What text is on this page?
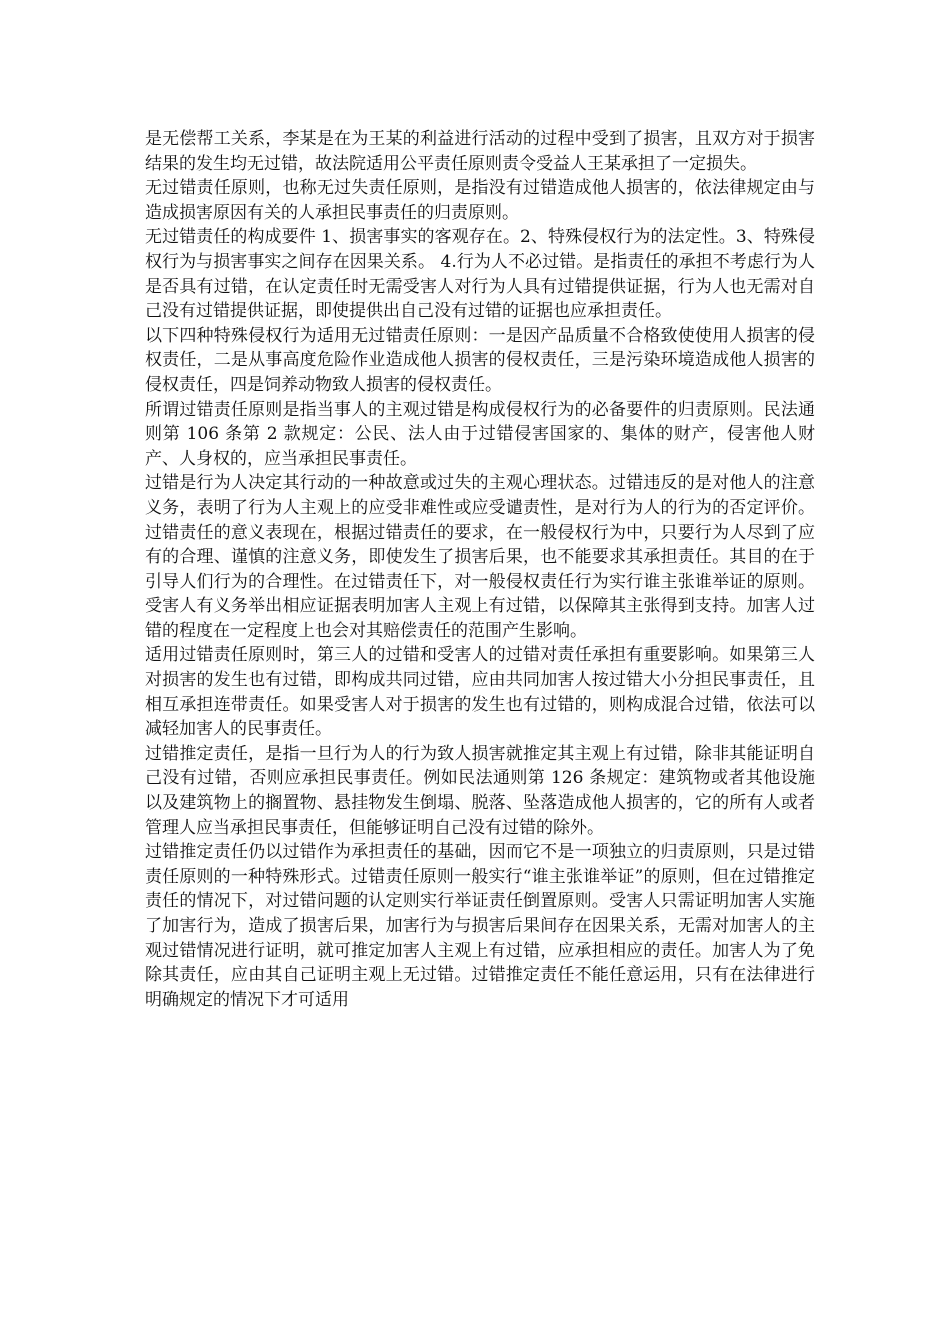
是无偿帮工关系，李某是在为王某的利益进行活动的过程中受到了损害，且双方对于损害结果的发生均无过错，故法院适用公平责任原则责令受益人王某承担了一定损失。

无过错责任原则，也称无过失责任原则，是指没有过错造成他人损害的，依法律规定由与造成损害原因有关的人承担民事责任的归责原则。

无过错责任的构成要件 1、损害事实的客观存在。2、特殊侵权行为的法定性。3、特殊侵权行为与损害事实之间存在因果关系。 4.行为人不必过错。是指责任的承担不考虑行为人是否具有过错，在认定责任时无需受害人对行为人具有过错提供证据，行为人也无需对自己没有过错提供证据，即使提供出自己没有过错的证据也应承担责任。

以下四种特殊侵权行为适用无过错责任原则：一是因产品质量不合格致使使用人损害的侵权责任，二是从事高度危险作业造成他人损害的侵权责任，三是污染环境造成他人损害的侵权责任，四是饲养动物致人损害的侵权责任。

所谓过错责任原则是指当事人的主观过错是构成侵权行为的必备要件的归责原则。民法通则第 106 条第 2 款规定：公民、法人由于过错侵害国家的、集体的财产，侵害他人财产、人身权的，应当承担民事责任。

过错是行为人决定其行动的一种故意或过失的主观心理状态。过错违反的是对他人的注意义务，表明了行为人主观上的应受非难性或应受谴责性，是对行为人的行为的否定评价。过错责任的意义表现在，根据过错责任的要求，在一般侵权行为中，只要行为人尽到了应有的合理、谨慎的注意义务，即使发生了损害后果，也不能要求其承担责任。其目的在于引导人们行为的合理性。在过错责任下，对一般侵权责任行为实行谁主张谁举证的原则。受害人有义务举出相应证据表明加害人主观上有过错，以保障其主张得到支持。加害人过错的程度在一定程度上也会对其赔偿责任的范围产生影响。

适用过错责任原则时，第三人的过错和受害人的过错对责任承担有重要影响。如果第三人对损害的发生也有过错，即构成共同过错，应由共同加害人按过错大小分担民事责任，且相互承担连带责任。如果受害人对于损害的发生也有过错的，则构成混合过错，依法可以减轻加害人的民事责任。

过错推定责任，是指一旦行为人的行为致人损害就推定其主观上有过错，除非其能证明自己没有过错，否则应承担民事责任。例如民法通则第 126 条规定：建筑物或者其他设施以及建筑物上的搁置物、悬挂物发生倒塌、脱落、坠落造成他人损害的，它的所有人或者管理人应当承担民事责任，但能够证明自己没有过错的除外。

过错推定责任仍以过错作为承担责任的基础，因而它不是一项独立的归责原则，只是过错责任原则的一种特殊形式。过错责任原则一般实行“谁主张谁举证”的原则，但在过错推定责任的情况下，对过错问题的认定则实行举证责任倒置原则。受害人只需证明加害人实施了加害行为，造成了损害后果，加害行为与损害后果间存在因果关系，无需对加害人的主观过错情况进行证明，就可推定加害人主观上有过错，应承担相应的责任。加害人为了免除其责任，应由其自己证明主观上无过错。过错推定责任不能任意运用，只有在法律进行明确规定的情况下才可适用
